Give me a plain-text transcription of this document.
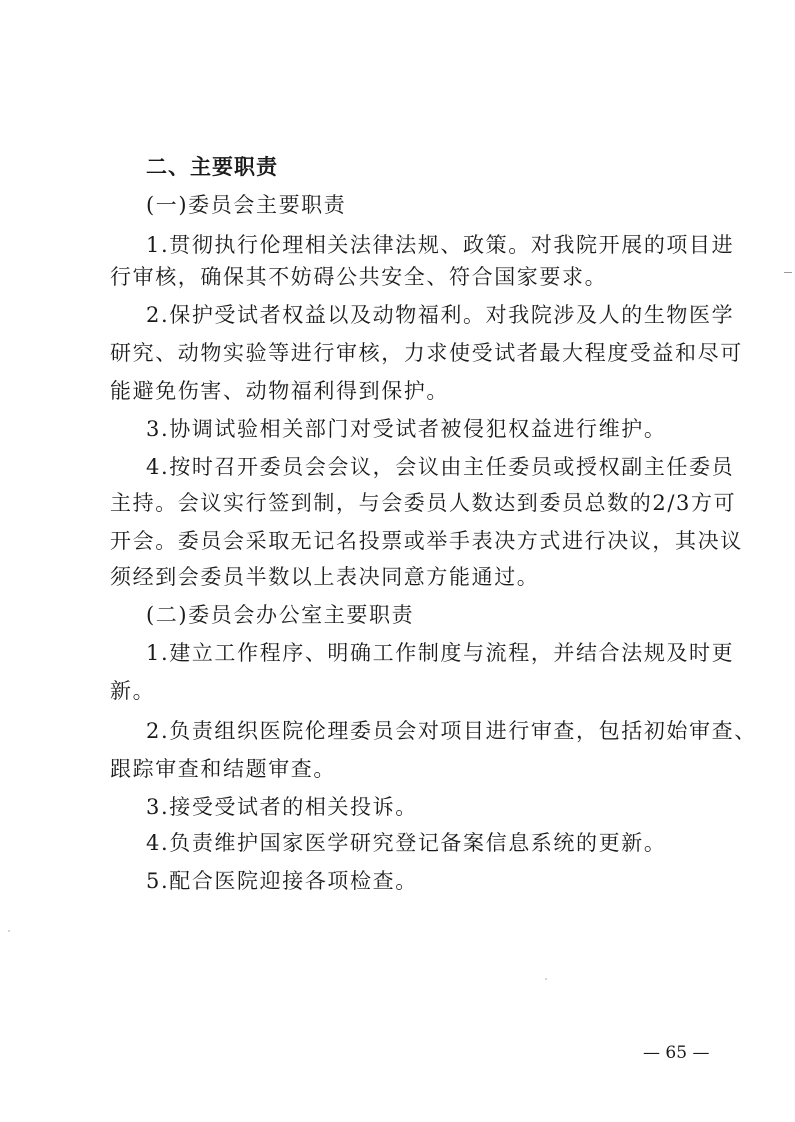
二、主要职责
(一)委员会主要职责
1.贯彻执行伦理相关法律法规、政策。对我院开展的项目进
行审核，确保其不妨碍公共安全、符合国家要求。
2.保护受试者权益以及动物福利。对我院涉及人的生物医学
研究、动物实验等进行审核，力求使受试者最大程度受益和尽可
能避免伤害、动物福利得到保护。
3.协调试验相关部门对受试者被侵犯权益进行维护。
4.按时召开委员会会议，会议由主任委员或授权副主任委员
主持。会议实行签到制，与会委员人数达到委员总数的2/3方可
开会。委员会采取无记名投票或举手表决方式进行决议，其决议
须经到会委员半数以上表决同意方能通过。
(二)委员会办公室主要职责
1.建立工作程序、明确工作制度与流程，并结合法规及时更
新。
2.负责组织医院伦理委员会对项目进行审查，包括初始审查、
跟踪审查和结题审查。
3.接受受试者的相关投诉。
4.负责维护国家医学研究登记备案信息系统的更新。
5.配合医院迎接各项检查。
— 65 —
